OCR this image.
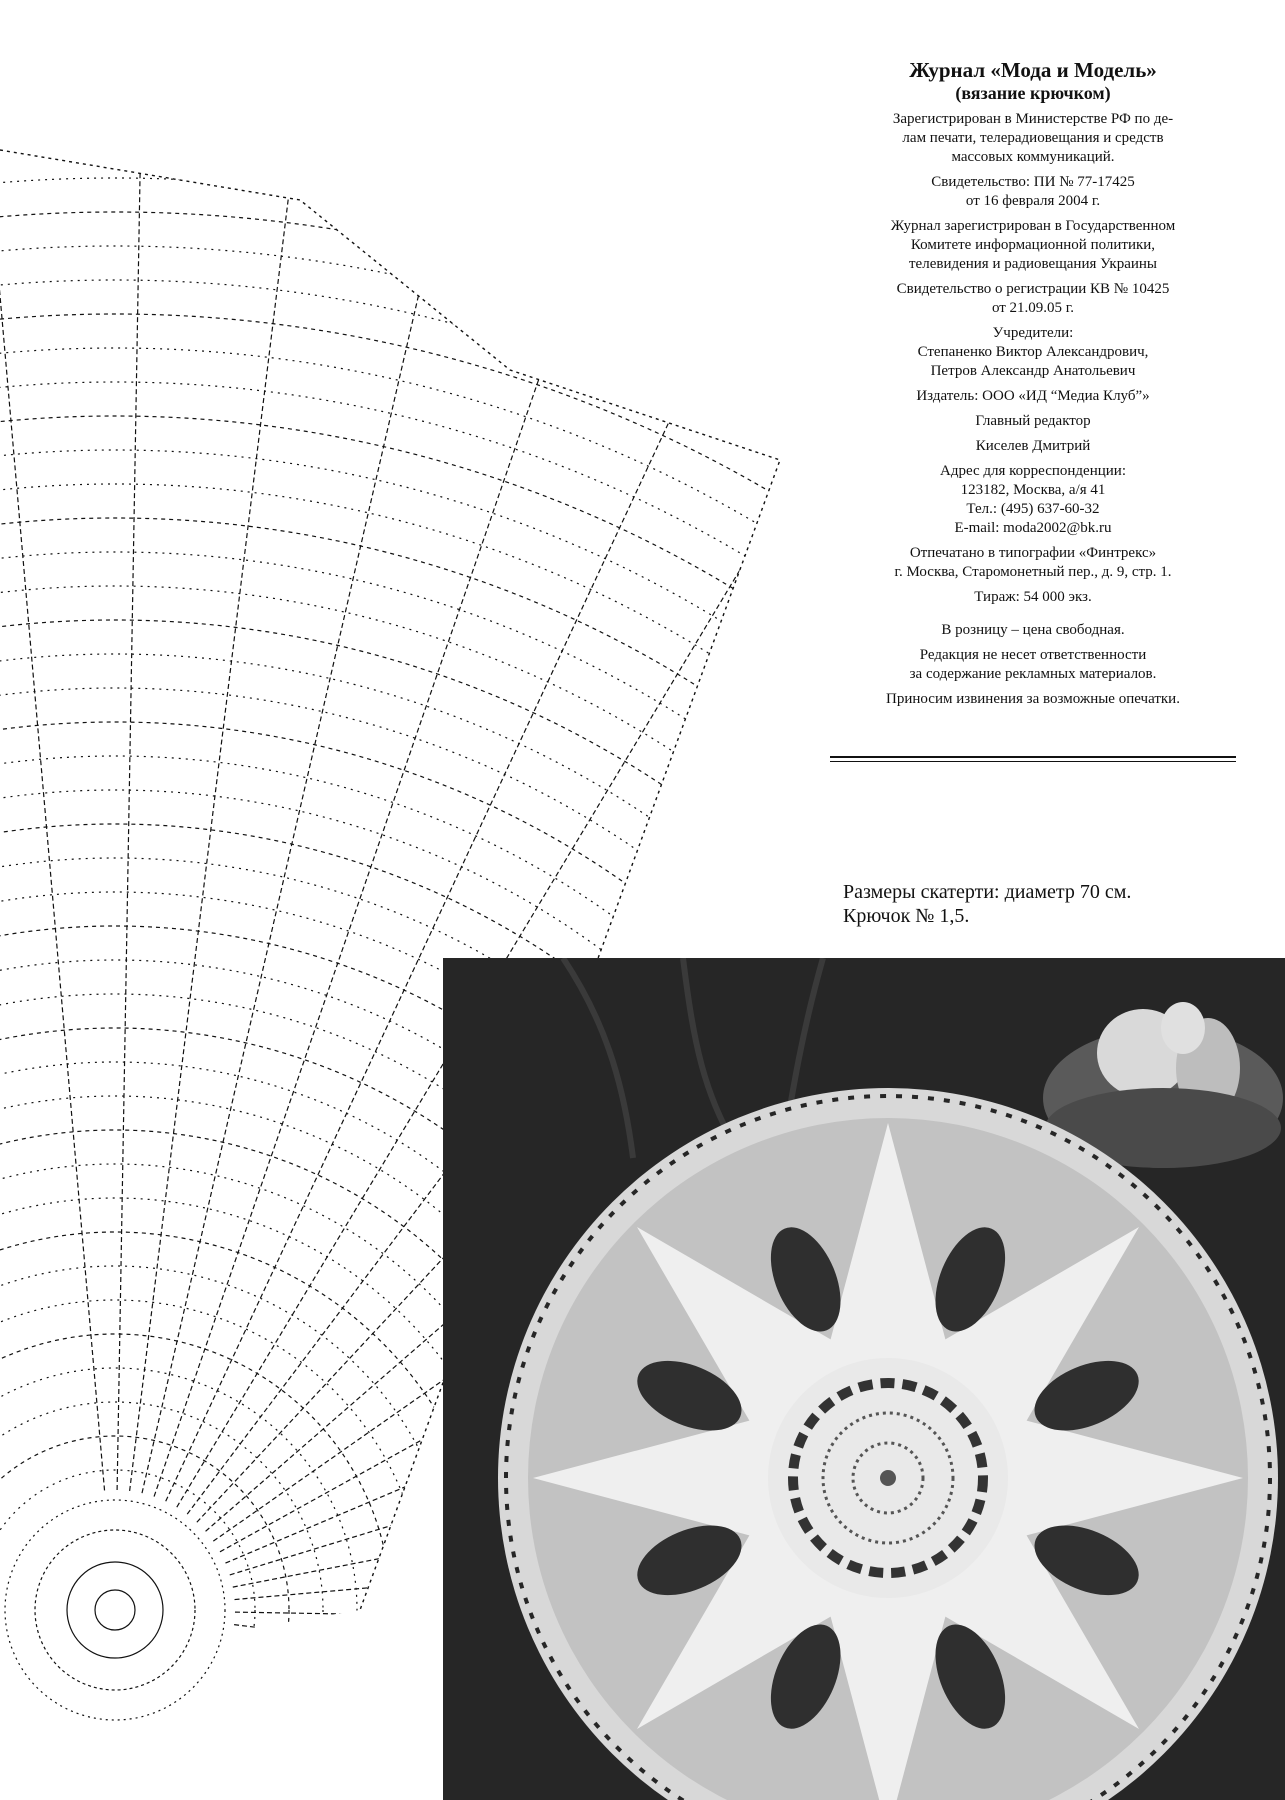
Журнал «Мода и Модель»
(вязание крючком)
Зарегистрирован в Министерстве РФ по де-
лам печати, телерадиовещания и средств
массовых коммуникаций.
Свидетельство: ПИ № 77-17425
от 16 февраля 2004 г.
Журнал зарегистрирован в Государственном
Комитете информационной политики,
телевидения и радиовещания Украины
Свидетельство о регистрации КВ № 10425
от 21.09.05 г.
Учредители:
Степаненко Виктор Александрович,
Петров Александр Анатольевич
Издатель: ООО «ИД “Медиа Клуб”»
Главный редактор
Киселев Дмитрий
Адрес для корреспонденции:
123182, Москва, а/я 41
Тел.: (495) 637-60-32
E-mail: moda2002@bk.ru
Отпечатано в типографии «Финтрекс»
г. Москва, Старомонетный пер., д. 9, стр. 1.
Тираж: 54 000 экз.
В розницу – цена свободная.
Редакция не несет ответственности
за содержание рекламных материалов.
Приносим извинения за возможные опечатки.
Размеры скатерти: диаметр 70 см.
Крючок № 1,5.
